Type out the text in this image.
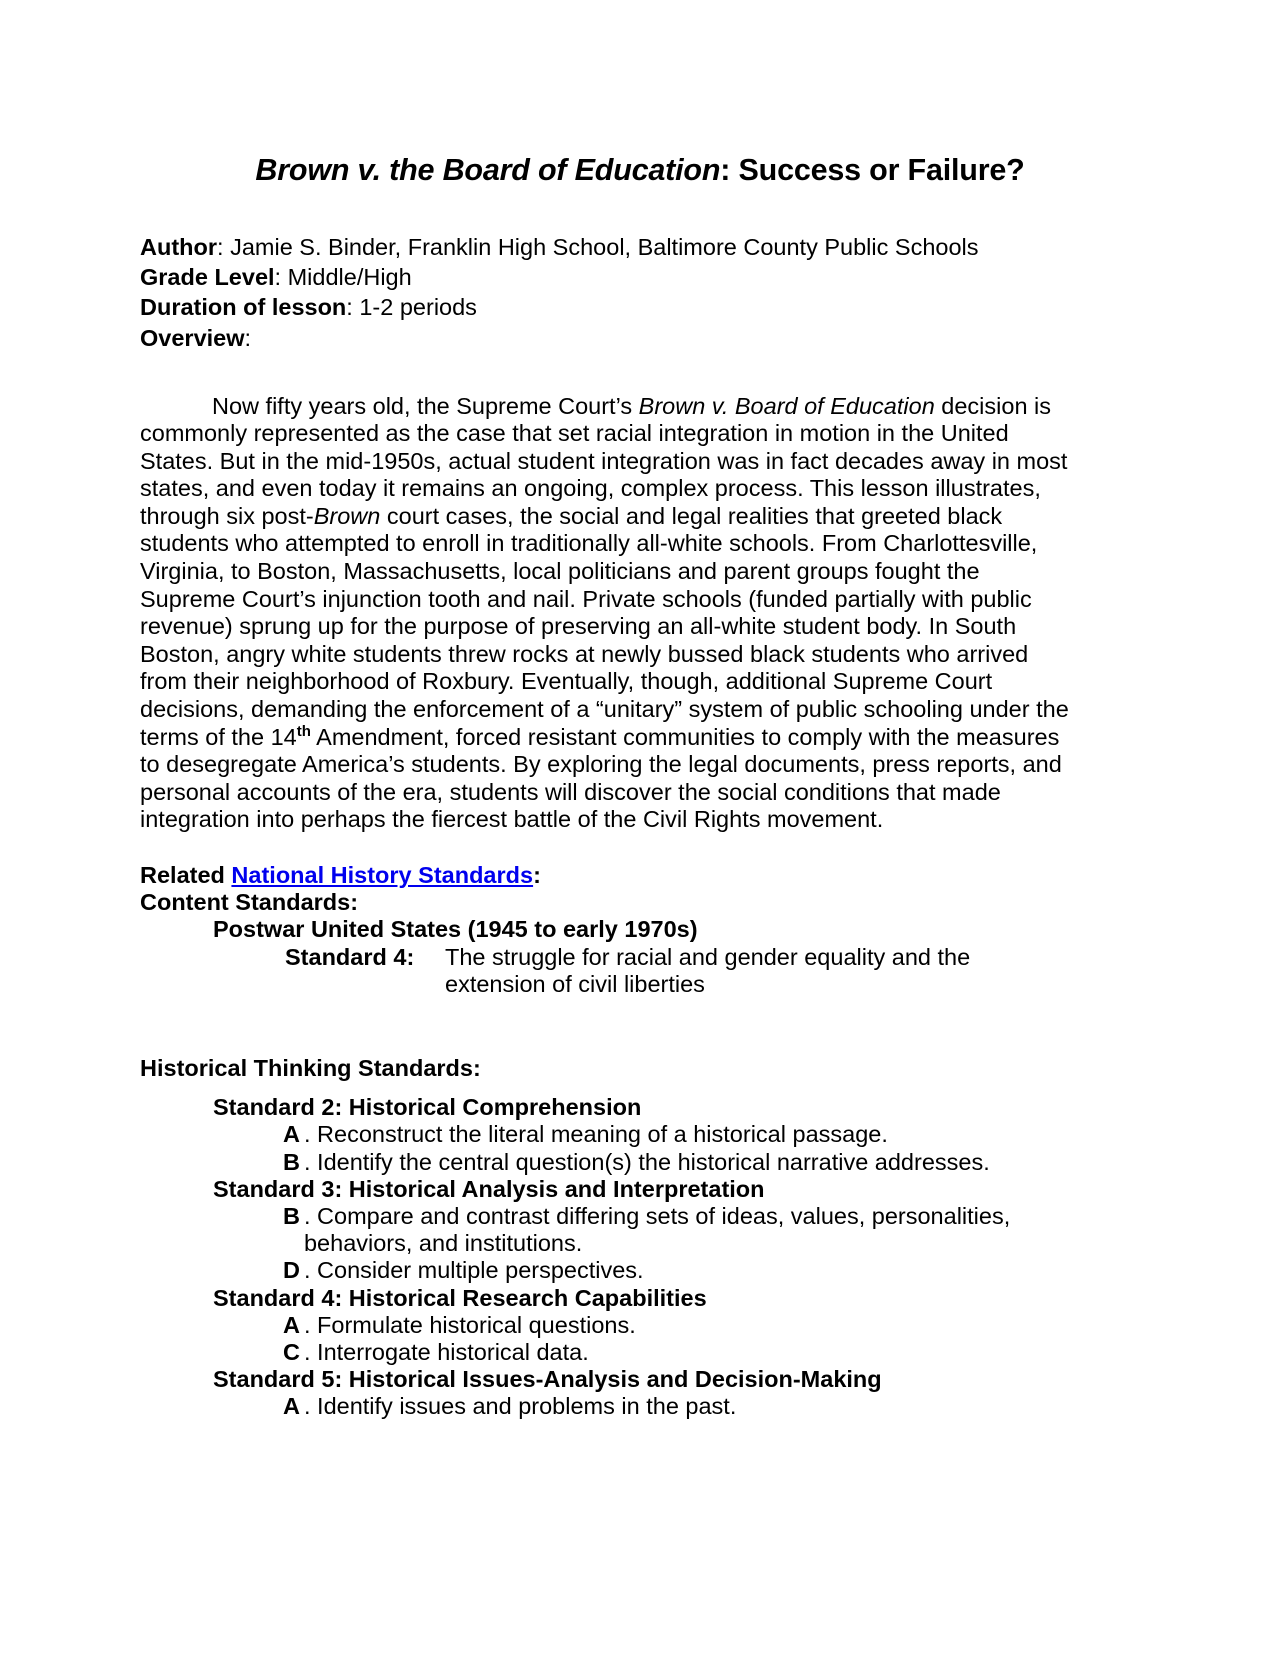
Brown v. the Board of Education: Success or Failure?
Author: Jamie S. Binder, Franklin High School, Baltimore County Public Schools
Grade Level: Middle/High
Duration of lesson: 1-2 periods
Overview:

Now fifty years old, the Supreme Court’s Brown v. Board of Education decision is commonly represented as the case that set racial integration in motion in the United States. But in the mid-1950s, actual student integration was in fact decades away in most states, and even today it remains an ongoing, complex process. This lesson illustrates, through six post-Brown court cases, the social and legal realities that greeted black students who attempted to enroll in traditionally all-white schools. From Charlottesville, Virginia, to Boston, Massachusetts, local politicians and parent groups fought the Supreme Court’s injunction tooth and nail. Private schools (funded partially with public revenue) sprung up for the purpose of preserving an all-white student body. In South Boston, angry white students threw rocks at newly bussed black students who arrived from their neighborhood of Roxbury. Eventually, though, additional Supreme Court decisions, demanding the enforcement of a “unitary” system of public schooling under the terms of the 14th Amendment, forced resistant communities to comply with the measures to desegregate America’s students. By exploring the legal documents, press reports, and personal accounts of the era, students will discover the social conditions that made integration into perhaps the fiercest battle of the Civil Rights movement.

Related National History Standards:
Content Standards:
Postwar United States (1945 to early 1970s)
Standard 4:	The struggle for racial and gender equality and the extension of civil liberties
Historical Thinking Standards:
Standard 2: Historical Comprehension
A . Reconstruct the literal meaning of a historical passage.
B . Identify the central question(s) the historical narrative addresses.
Standard 3: Historical Analysis and Interpretation
B . Compare and contrast differing sets of ideas, values, personalities, behaviors, and institutions.
D . Consider multiple perspectives.
Standard 4: Historical Research Capabilities
A . Formulate historical questions.
C . Interrogate historical data.
Standard 5: Historical Issues-Analysis and Decision-Making
A . Identify issues and problems in the past.
